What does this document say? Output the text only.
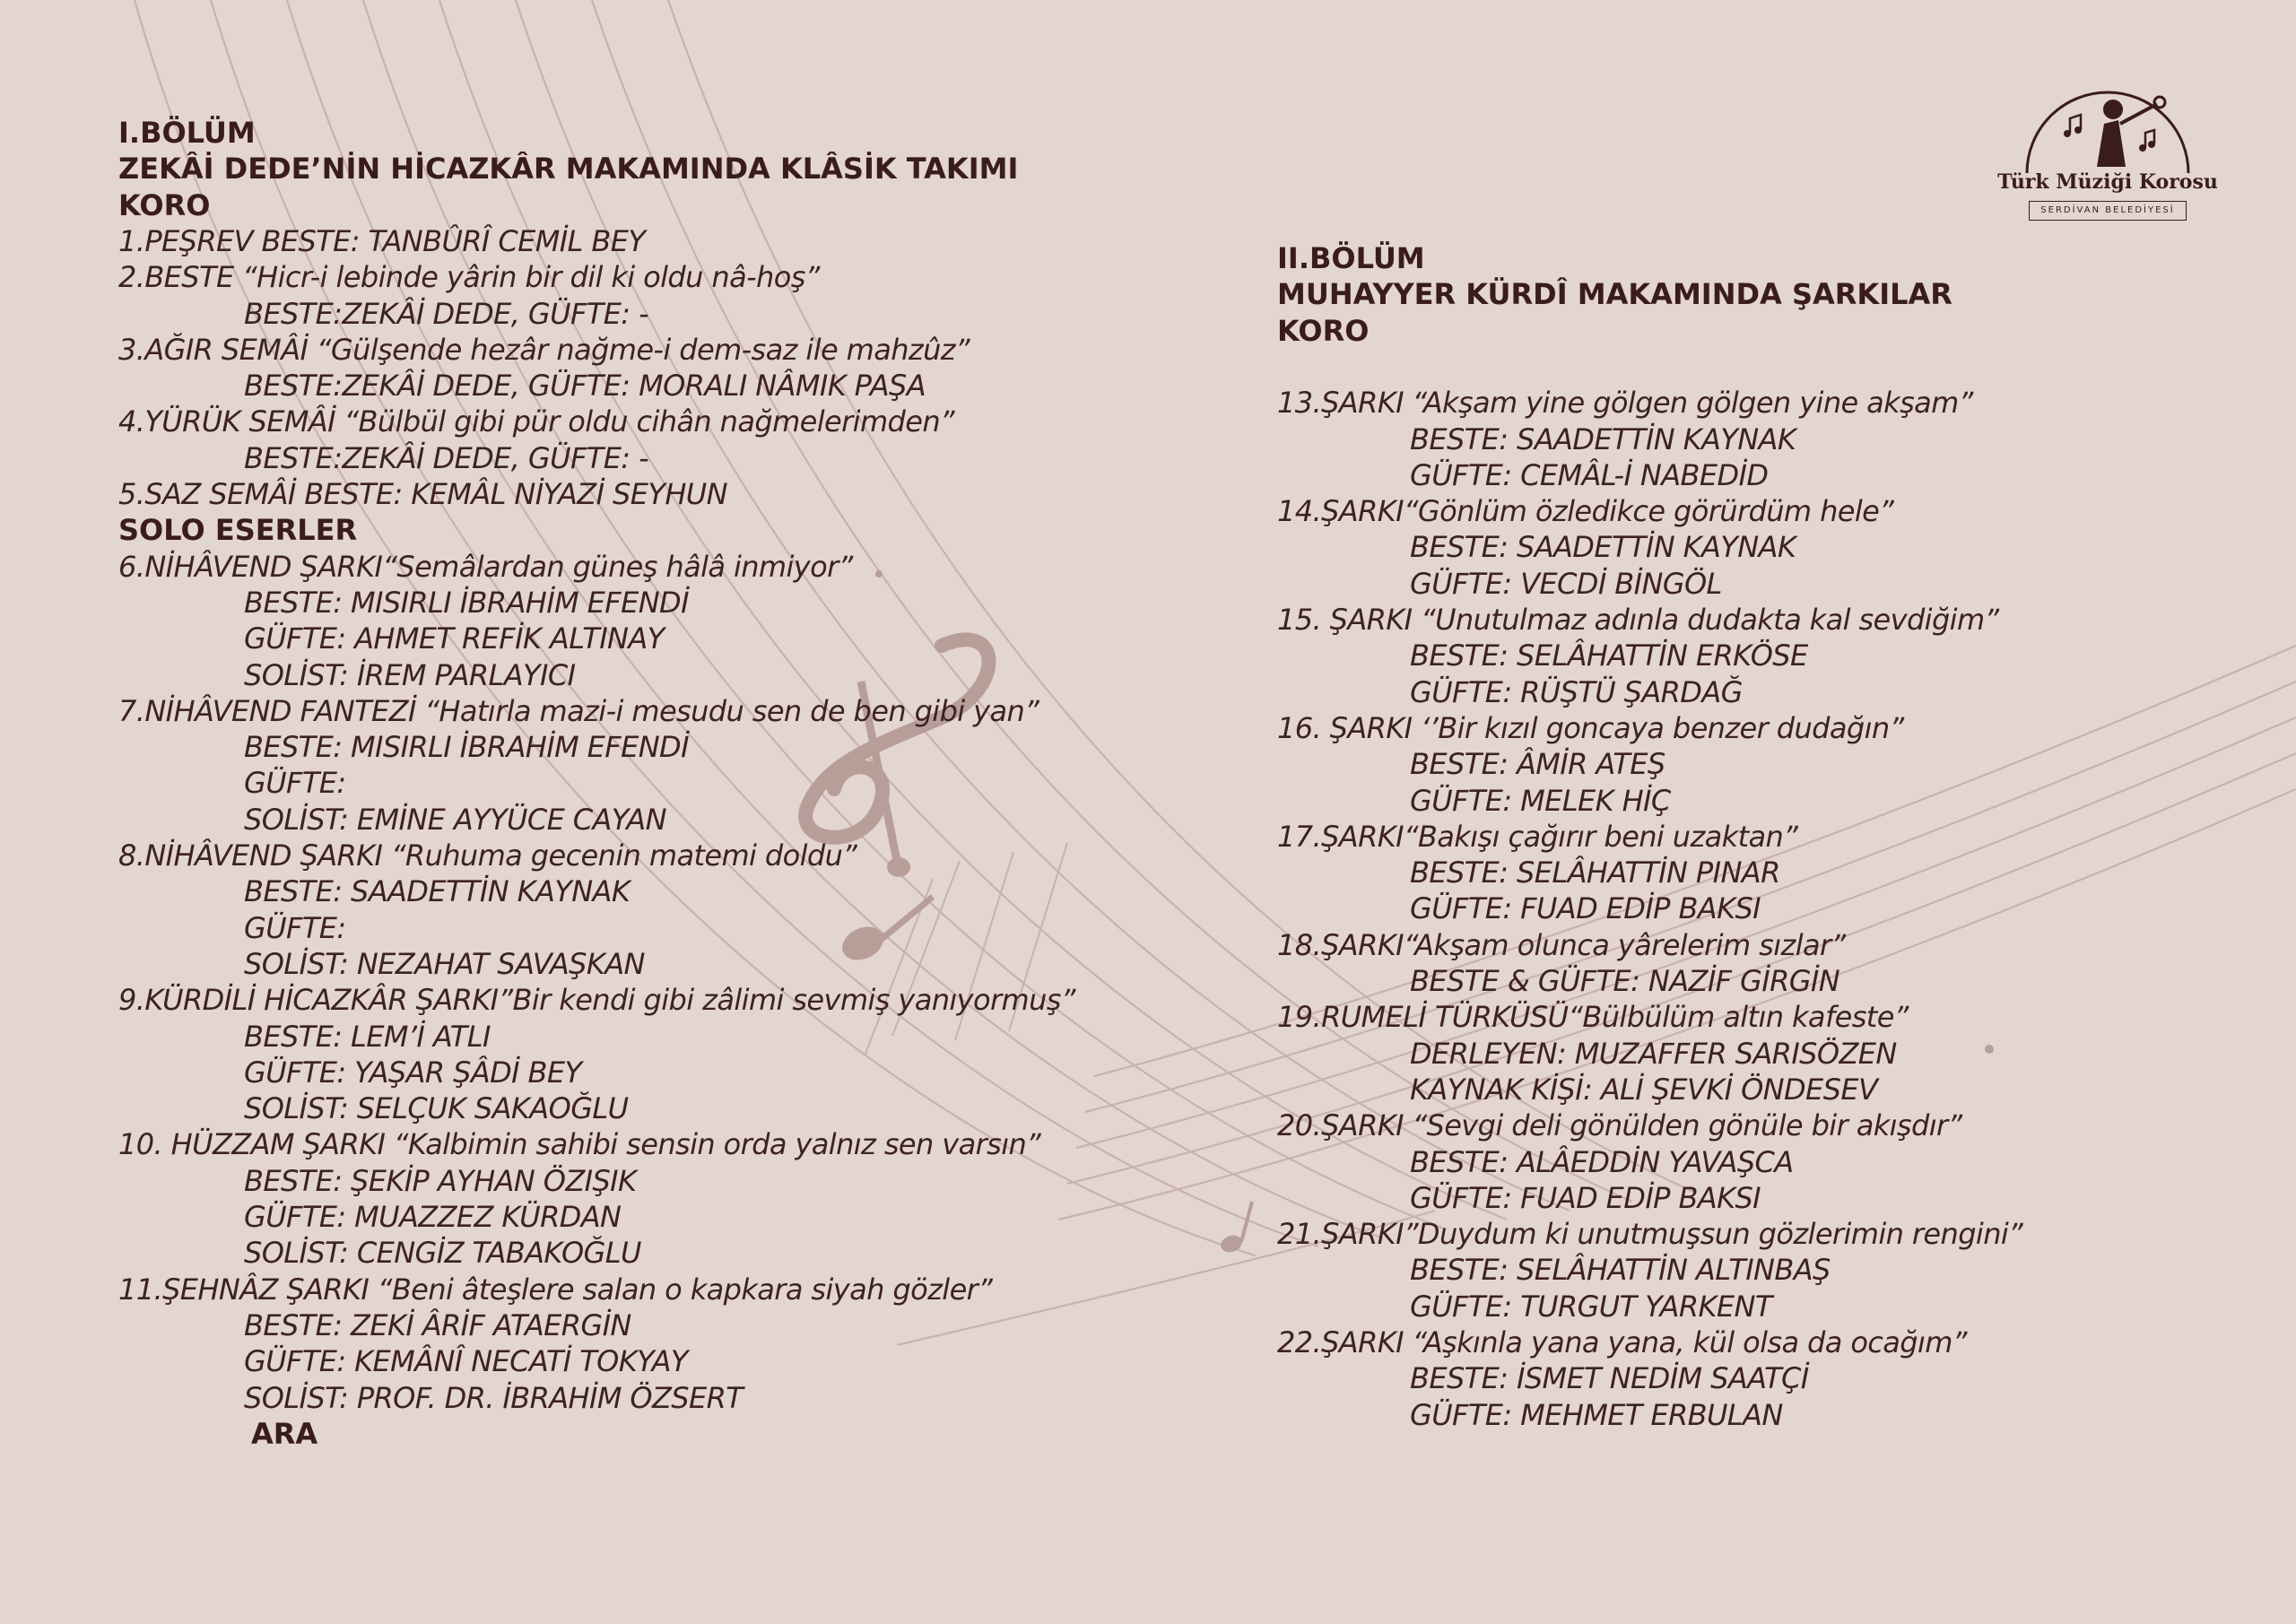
Türk Müziği Korosu
SERDİVAN BELEDİYESİ
I.BÖLÜM
ZEKÂİ DEDE’NİN HİCAZKÂR MAKAMINDA KLÂSİK TAKIMI
KORO
1.PEŞREV BESTE: TANBÛRÎ CEMİL BEY
2.BESTE “Hicr-i lebinde yârin bir dil ki oldu nâ-hoş”
BESTE:ZEKÂİ DEDE, GÜFTE: -
3.AĞIR SEMÂİ “Gülşende hezâr nağme-i dem-saz ile mahzûz”
BESTE:ZEKÂİ DEDE, GÜFTE: MORALI NÂMIK PAŞA
4.YÜRÜK SEMÂİ “Bülbül gibi pür oldu cihân nağmelerimden”
BESTE:ZEKÂİ DEDE, GÜFTE: -
5.SAZ SEMÂİ BESTE: KEMÂL NİYAZİ SEYHUN
SOLO ESERLER
6.NİHÂVEND ŞARKI“Semâlardan güneş hâlâ inmiyor”
BESTE: MISIRLI İBRAHİM EFENDİ
GÜFTE: AHMET REFİK ALTINAY
SOLİST: İREM PARLAYICI
7.NİHÂVEND FANTEZİ “Hatırla mazi-i mesudu sen de ben gibi yan”
BESTE: MISIRLI İBRAHİM EFENDİ
GÜFTE:
SOLİST: EMİNE AYYÜCE CAYAN
8.NİHÂVEND ŞARKI “Ruhuma gecenin matemi doldu”
BESTE: SAADETTİN KAYNAK
GÜFTE:
SOLİST: NEZAHAT SAVAŞKAN
9.KÜRDİLİ HİCAZKÂR ŞARKI”Bir kendi gibi zâlimi sevmiş yanıyormuş”
BESTE: LEM’İ ATLI
GÜFTE: YAŞAR ŞÂDİ BEY
SOLİST: SELÇUK SAKAOĞLU
10. HÜZZAM ŞARKI “Kalbimin sahibi sensin orda yalnız sen varsın”
BESTE: ŞEKİP AYHAN ÖZIŞIK
GÜFTE: MUAZZEZ KÜRDAN
SOLİST: CENGİZ TABAKOĞLU
11.ŞEHNÂZ ŞARKI “Beni âteşlere salan o kapkara siyah gözler”
BESTE: ZEKİ ÂRİF ATAERGİN
GÜFTE: KEMÂNÎ NECATİ TOKYAY
SOLİST: PROF. DR. İBRAHİM ÖZSERT
ARA
II.BÖLÜM
MUHAYYER KÜRDÎ MAKAMINDA ŞARKILAR
KORO
13.ŞARKI “Akşam yine gölgen gölgen yine akşam”
BESTE: SAADETTİN KAYNAK
GÜFTE: CEMÂL-İ NABEDİD
14.ŞARKI“Gönlüm özledikce görürdüm hele”
BESTE: SAADETTİN KAYNAK
GÜFTE: VECDİ BİNGÖL
15. ŞARKI “Unutulmaz adınla dudakta kal sevdiğim”
BESTE: SELÂHATTİN ERKÖSE
GÜFTE: RÜŞTÜ ŞARDAĞ
16. ŞARKI ‘’Bir kızıl goncaya benzer dudağın”
BESTE: ÂMİR ATEŞ
GÜFTE: MELEK HİÇ
17.ŞARKI“Bakışı çağırır beni uzaktan”
BESTE: SELÂHATTİN PINAR
GÜFTE: FUAD EDİP BAKSI
18.ŞARKI“Akşam olunca yârelerim sızlar”
BESTE & GÜFTE: NAZİF GİRGİN
19.RUMELİ TÜRKÜSÜ“Bülbülüm altın kafeste”
DERLEYEN: MUZAFFER SARISÖZEN
KAYNAK KİŞİ: ALİ ŞEVKİ ÖNDESEV
20.ŞARKI “Sevgi deli gönülden gönüle bir akışdır”
BESTE: ALÂEDDİN YAVAŞCA
GÜFTE: FUAD EDİP BAKSI
21.ŞARKI”Duydum ki unutmuşsun gözlerimin rengini”
BESTE: SELÂHATTİN ALTINBAŞ
GÜFTE: TURGUT YARKENT
22.ŞARKI “Aşkınla yana yana, kül olsa da ocağım”
BESTE: İSMET NEDİM SAATÇİ
GÜFTE: MEHMET ERBULAN
